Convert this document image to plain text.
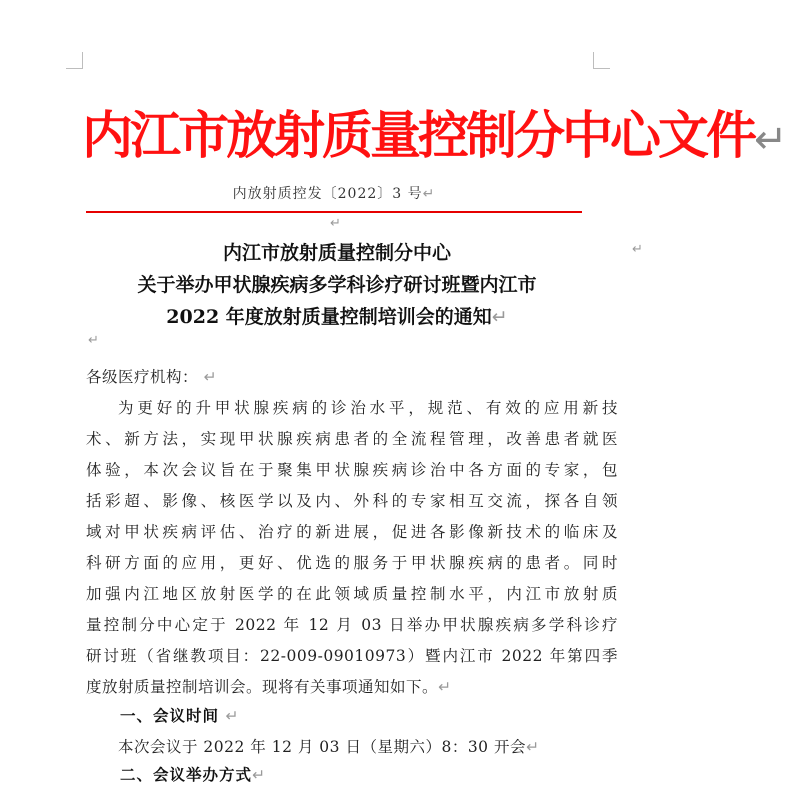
内江市放射质量控制分中心文件↵
内放射质控发〔2022〕3 号↵
↵
↵
内江市放射质量控制分中心
关于举办甲状腺疾病多学科诊疗研讨班暨内江市
2022 年度放射质量控制培训会的通知↵
↵
各级医疗机构： ↵
为更好的升甲状腺疾病的诊治水平，规范、有效的应用新技
术、新方法，实现甲状腺疾病患者的全流程管理，改善患者就医
体验，本次会议旨在于聚集甲状腺疾病诊治中各方面的专家，包
括彩超、影像、核医学以及内、外科的专家相互交流，探各自领
域对甲状疾病评估、治疗的新进展，促进各影像新技术的临床及
科研方面的应用，更好、优选的服务于甲状腺疾病的患者。同时
加强内江地区放射医学的在此领域质量控制水平，内江市放射质
量控制分中心定于 2022 年 12 月 03 日举办甲状腺疾病多学科诊疗
研讨班（省继教项目：22-009-09010973）暨内江市 2022 年第四季
度放射质量控制培训会。现将有关事项通知如下。↵
一、会议时间 ↵
本次会议于 2022 年 12 月 03 日（星期六）8：30 开会↵
二、会议举办方式↵
